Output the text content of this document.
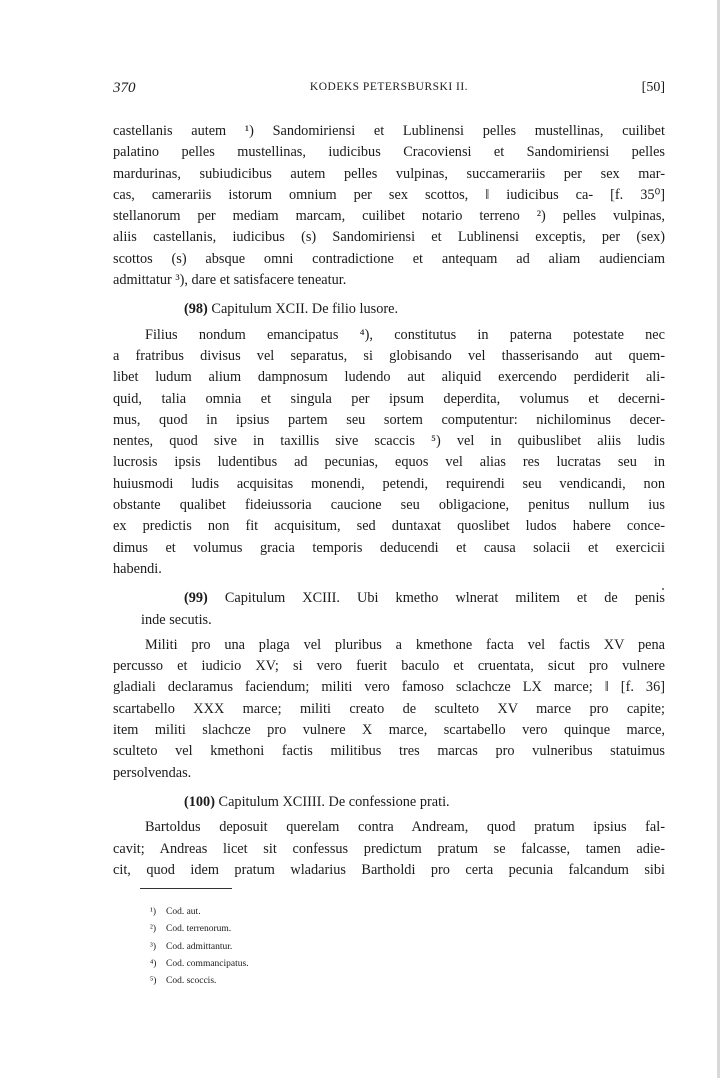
370	KODEKS PETERSBURSKI II.	[50]
castellanis autem ¹) Sandomiriensi et Lublinensi pelles mustellinas, cuilibet
palatino pelles mustellinas, iudicibus Cracoviensi et Sandomiriensi pelles
mardurinas, subiudicibus autem pelles vulpinas, succamerariis per sex mar-
cas, camerariis istorum omnium per sex scottos, ‖ iudicibus ca- [f. 35⁰]
stellanorum per mediam marcam, cuilibet notario terreno ²) pelles vulpinas,
aliis castellanis, iudicibus (s) Sandomiriensi et Lublinensi exceptis, per (sex)
scottos (s) absque omni contradictione et antequam ad aliam audienciam
admittatur ³), dare et satisfacere teneatur.
(98) Capitulum XCII. De filio lusore.
Filius nondum emancipatus ⁴), constitutus in paterna potestate nec
a fratribus divisus vel separatus, si globisando vel thasserisando aut quem-
libet ludum alium dampnosum ludendo aut aliquid exercendo perdiderit ali-
quid, talia omnia et singula per ipsum deperdita, volumus et decerni-
mus, quod in ipsius partem seu sortem computentur: nichilominus decer-
nentes, quod sive in taxillis sive scaccis ⁵) vel in quibuslibet aliis ludis
lucrosis ipsis ludentibus ad pecunias, equos vel alias res lucratas seu in
huiusmodi ludis acquisitas monendi, petendi, requirendi seu vendicandi, non
obstante qualibet fideiussoria caucione seu obligacione, penitus nullum ius
ex predictis non fit acquisitum, sed duntaxat quoslibet ludos habere conce-
dimus et volumus gracia temporis deducendi et causa solacii et exercicii
habendi.
(99) Capitulum XCIII. Ubi kmetho wlnerat militem et de penis
inde secutis.
Militi pro una plaga vel pluribus a kmethone facta vel factis XV pena
percusso et iudicio XV; si vero fuerit baculo et cruentata, sicut pro vulnere
gladiali declaramus faciendum; militi vero famoso sclachcze LX marce; ‖ [f. 36]
scartabello XXX marce; militi creato de sculteto XV marce pro capite;
item militi slachcze pro vulnere X marce, scartabello vero quinque marce,
sculteto vel kmethoni factis militibus tres marcas pro vulneribus statuimus
persolvendas.
(100) Capitulum XCIIII. De confessione prati.
Bartoldus deposuit querelam contra Andream, quod pratum ipsius fal-
cavit; Andreas licet sit confessus predictum pratum se falcasse, tamen adie-
cit, quod idem pratum wladarius Bartholdi pro certa pecunia falcandum sibi
¹) Cod. aut.
²) Cod. terrenorum.
³) Cod. admittantur.
⁴) Cod. commancipatus.
⁵) Cod. scoccis.
